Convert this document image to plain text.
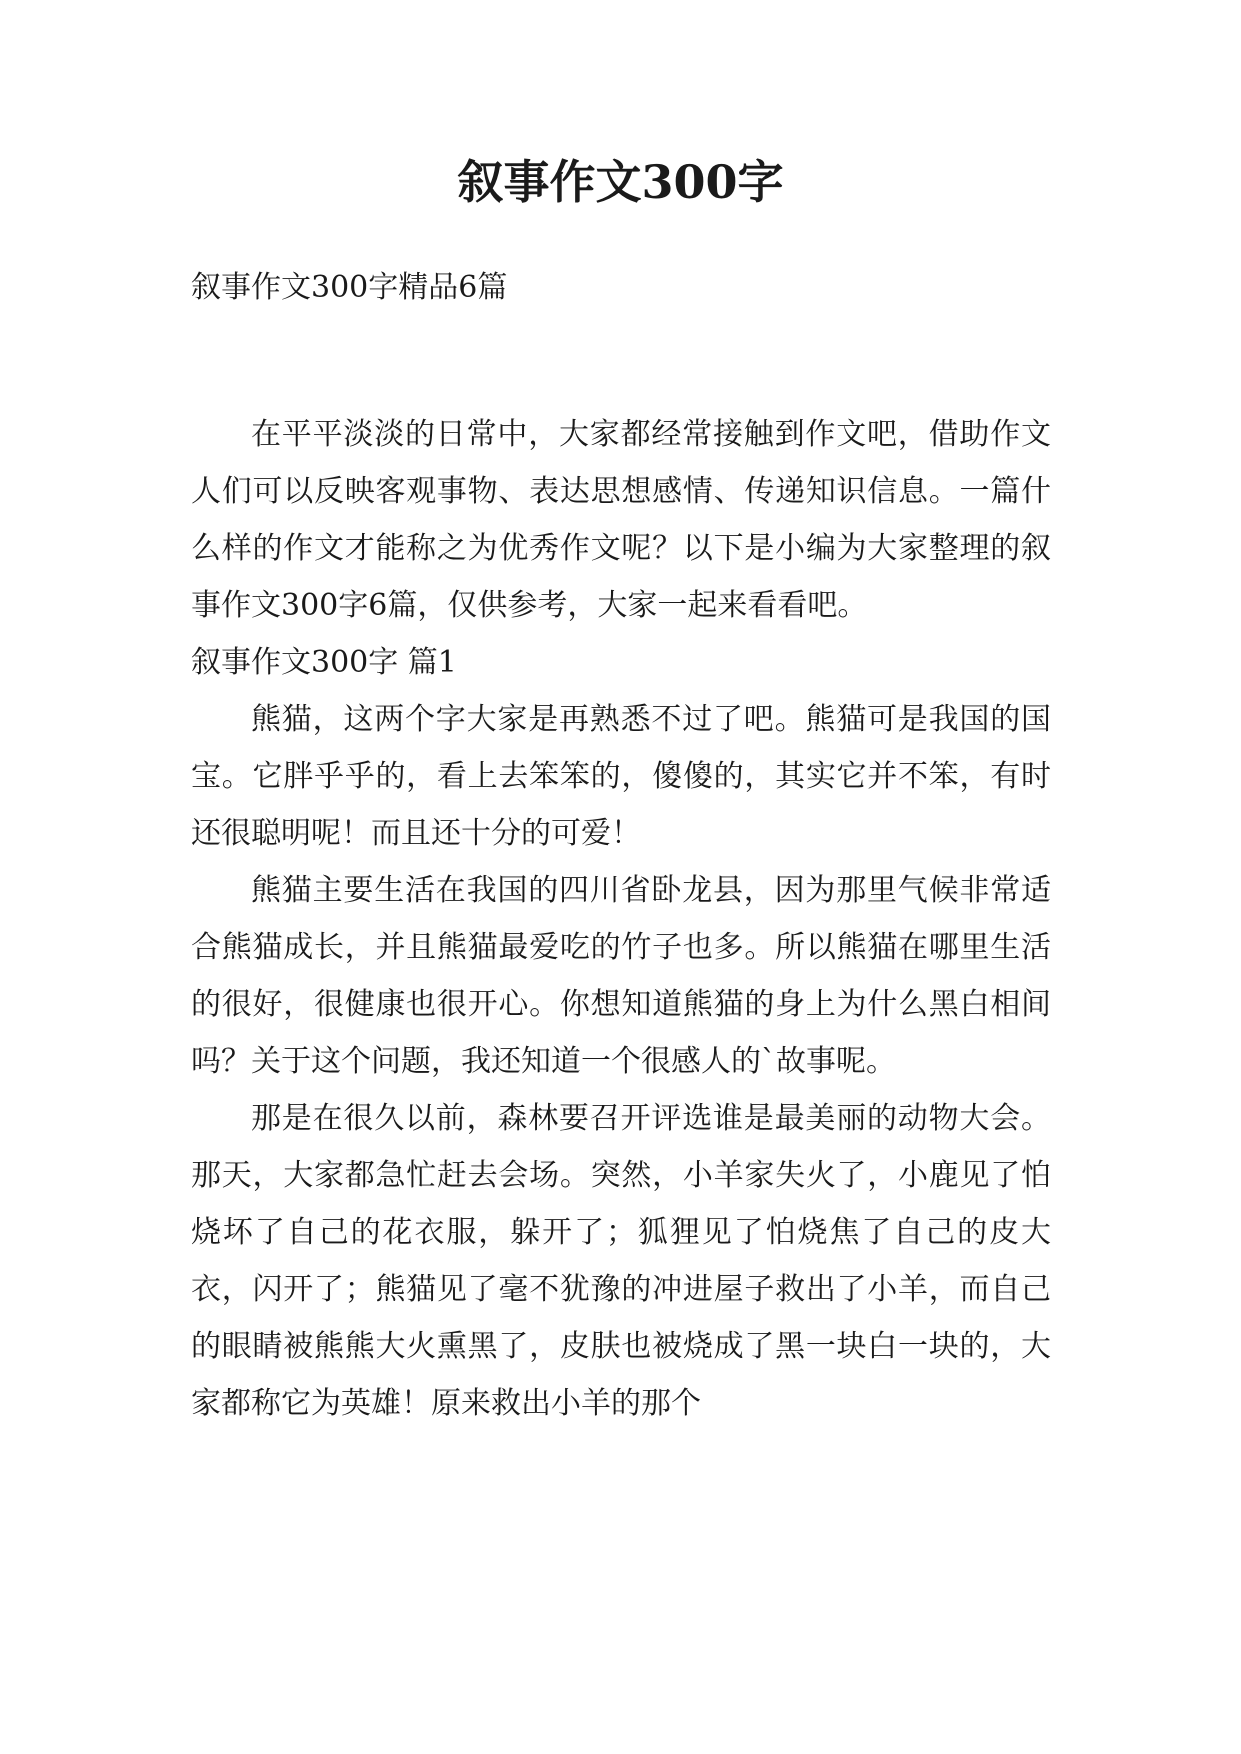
叙事作文300字

叙事作文300字精品6篇

在平平淡淡的日常中，大家都经常接触到作文吧，借助作文人们可以反映客观事物、表达思想感情、传递知识信息。一篇什么样的作文才能称之为优秀作文呢？以下是小编为大家整理的叙事作文300字6篇，仅供参考，大家一起来看看吧。

叙事作文300字 篇1

熊猫，这两个字大家是再熟悉不过了吧。熊猫可是我国的国宝。它胖乎乎的，看上去笨笨的，傻傻的，其实它并不笨，有时还很聪明呢！而且还十分的可爱！

熊猫主要生活在我国的四川省卧龙县，因为那里气候非常适合熊猫成长，并且熊猫最爱吃的竹子也多。所以熊猫在哪里生活的很好，很健康也很开心。你想知道熊猫的身上为什么黑白相间吗？关于这个问题，我还知道一个很感人的`故事呢。

那是在很久以前，森林要召开评选谁是最美丽的动物大会。那天，大家都急忙赶去会场。突然，小羊家失火了，小鹿见了怕烧坏了自己的花衣服，躲开了；狐狸见了怕烧焦了自己的皮大衣，闪开了；熊猫见了毫不犹豫的冲进屋子救出了小羊，而自己的眼睛被熊熊大火熏黑了，皮肤也被烧成了黑一块白一块的，大家都称它为英雄！原来救出小羊的那个
